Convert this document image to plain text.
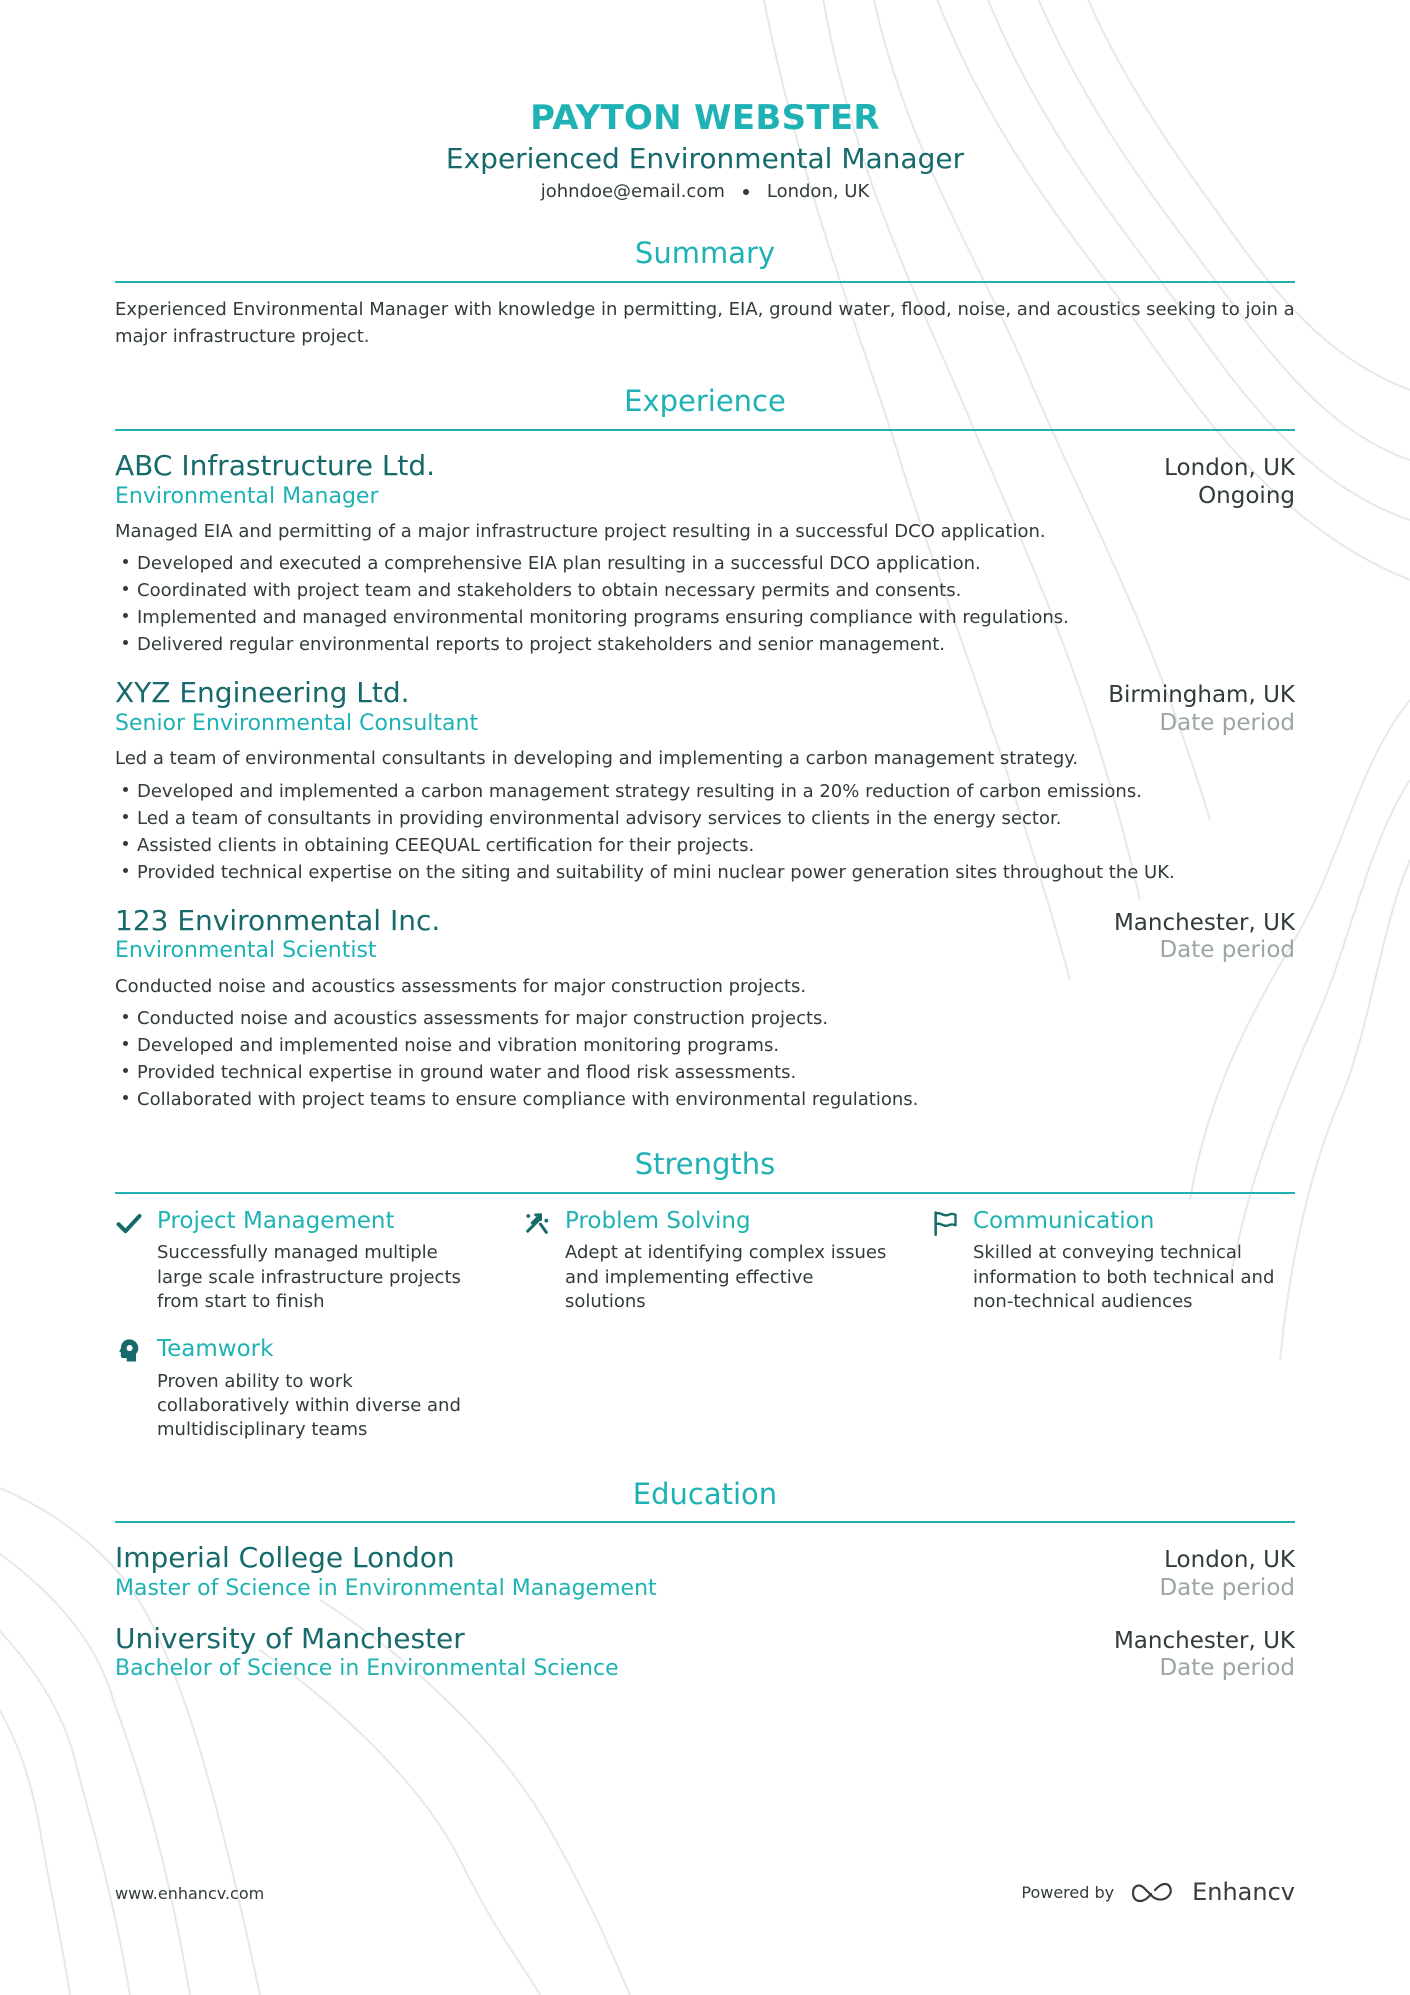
PAYTON WEBSTER
Experienced Environmental Manager
johndoe@email.com London, UK
Summary
Experienced Environmental Manager with knowledge in permitting, EIA, ground water, flood, noise, and acoustics seeking to join a major infrastructure project.
Experience
ABC Infrastructure Ltd.	London, UK
Environmental Manager	Ongoing
Managed EIA and permitting of a major infrastructure project resulting in a successful DCO application.
Developed and executed a comprehensive EIA plan resulting in a successful DCO application.
Coordinated with project team and stakeholders to obtain necessary permits and consents.
Implemented and managed environmental monitoring programs ensuring compliance with regulations.
Delivered regular environmental reports to project stakeholders and senior management.
XYZ Engineering Ltd.	Birmingham, UK
Senior Environmental Consultant	Date period
Led a team of environmental consultants in developing and implementing a carbon management strategy.
Developed and implemented a carbon management strategy resulting in a 20% reduction of carbon emissions.
Led a team of consultants in providing environmental advisory services to clients in the energy sector.
Assisted clients in obtaining CEEQUAL certification for their projects.
Provided technical expertise on the siting and suitability of mini nuclear power generation sites throughout the UK.
123 Environmental Inc.	Manchester, UK
Environmental Scientist	Date period
Conducted noise and acoustics assessments for major construction projects.
Conducted noise and acoustics assessments for major construction projects.
Developed and implemented noise and vibration monitoring programs.
Provided technical expertise in ground water and flood risk assessments.
Collaborated with project teams to ensure compliance with environmental regulations.
Strengths
Project Management
Successfully managed multiple large scale infrastructure projects from start to finish
Problem Solving
Adept at identifying complex issues and implementing effective solutions
Communication
Skilled at conveying technical information to both technical and non-technical audiences
Teamwork
Proven ability to work collaboratively within diverse and multidisciplinary teams
Education
Imperial College London	London, UK
Master of Science in Environmental Management	Date period
University of Manchester	Manchester, UK
Bachelor of Science in Environmental Science	Date period
www.enhancv.com	Powered by	Enhancv
